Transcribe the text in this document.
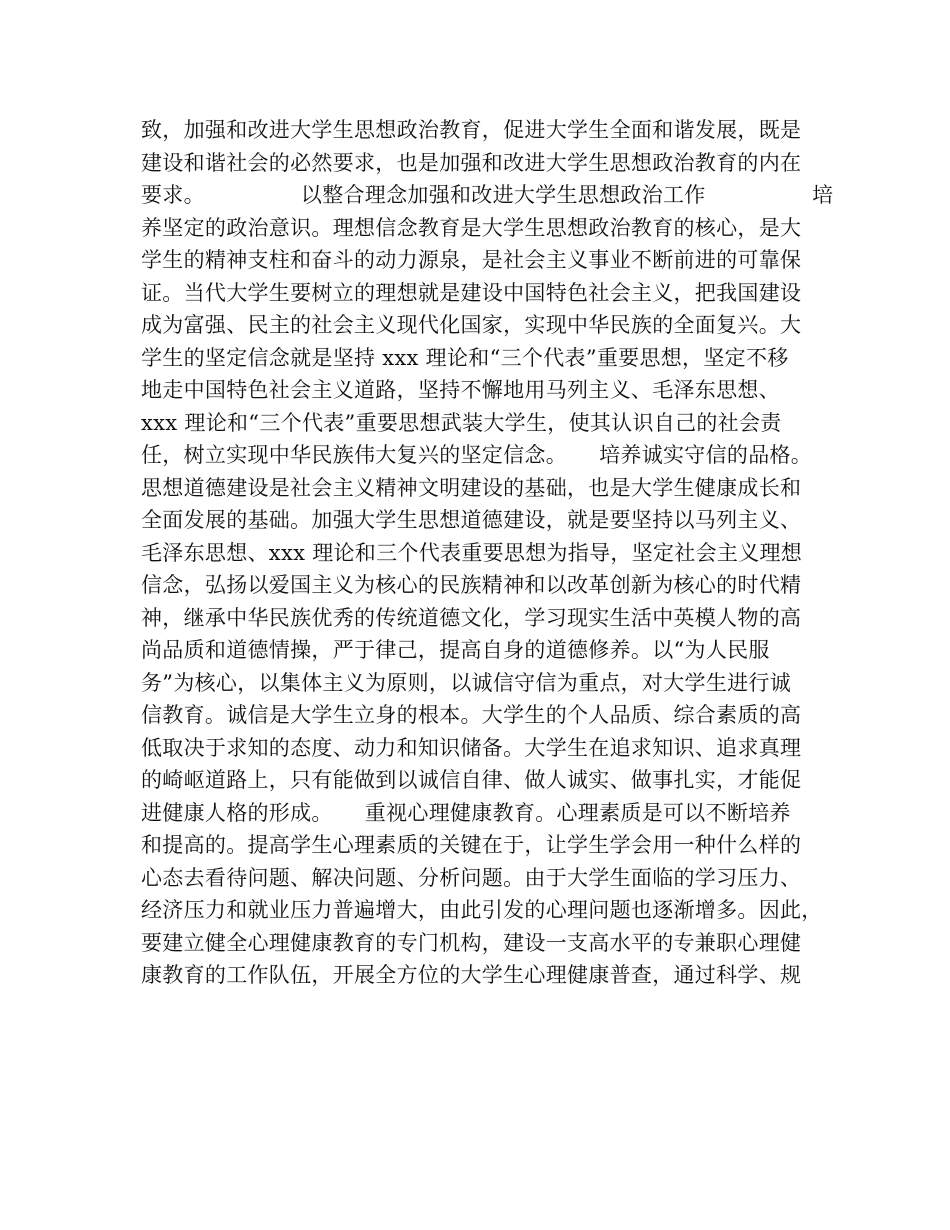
致，加强和改进大学生思想政治教育，促进大学生全面和谐发展，既是
建设和谐社会的必然要求，也是加强和改进大学生思想政治教育的内在
要求。　　　　　以整合理念加强和改进大学生思想政治工作　　　　　培
养坚定的政治意识。理想信念教育是大学生思想政治教育的核心，是大
学生的精神支柱和奋斗的动力源泉，是社会主义事业不断前进的可靠保
证。当代大学生要树立的理想就是建设中国特色社会主义，把我国建设
成为富强、民主的社会主义现代化国家，实现中华民族的全面复兴。大
学生的坚定信念就是坚持 xxx 理论和“三个代表”重要思想，坚定不移
地走中国特色社会主义道路，坚持不懈地用马列主义、毛泽东思想、
xxx 理论和“三个代表”重要思想武装大学生，使其认识自己的社会责
任，树立实现中华民族伟大复兴的坚定信念。　　培养诚实守信的品格。
思想道德建设是社会主义精神文明建设的基础，也是大学生健康成长和
全面发展的基础。加强大学生思想道德建设，就是要坚持以马列主义、
毛泽东思想、xxx 理论和三个代表重要思想为指导，坚定社会主义理想
信念，弘扬以爱国主义为核心的民族精神和以改革创新为核心的时代精
神，继承中华民族优秀的传统道德文化，学习现实生活中英模人物的高
尚品质和道德情操，严于律己，提高自身的道德修养。以“为人民服
务”为核心，以集体主义为原则，以诚信守信为重点，对大学生进行诚
信教育。诚信是大学生立身的根本。大学生的个人品质、综合素质的高
低取决于求知的态度、动力和知识储备。大学生在追求知识、追求真理
的崎岖道路上，只有能做到以诚信自律、做人诚实、做事扎实，才能促
进健康人格的形成。　　重视心理健康教育。心理素质是可以不断培养
和提高的。提高学生心理素质的关键在于，让学生学会用一种什么样的
心态去看待问题、解决问题、分析问题。由于大学生面临的学习压力、
经济压力和就业压力普遍增大，由此引发的心理问题也逐渐增多。因此，
要建立健全心理健康教育的专门机构，建设一支高水平的专兼职心理健
康教育的工作队伍，开展全方位的大学生心理健康普查，通过科学、规
